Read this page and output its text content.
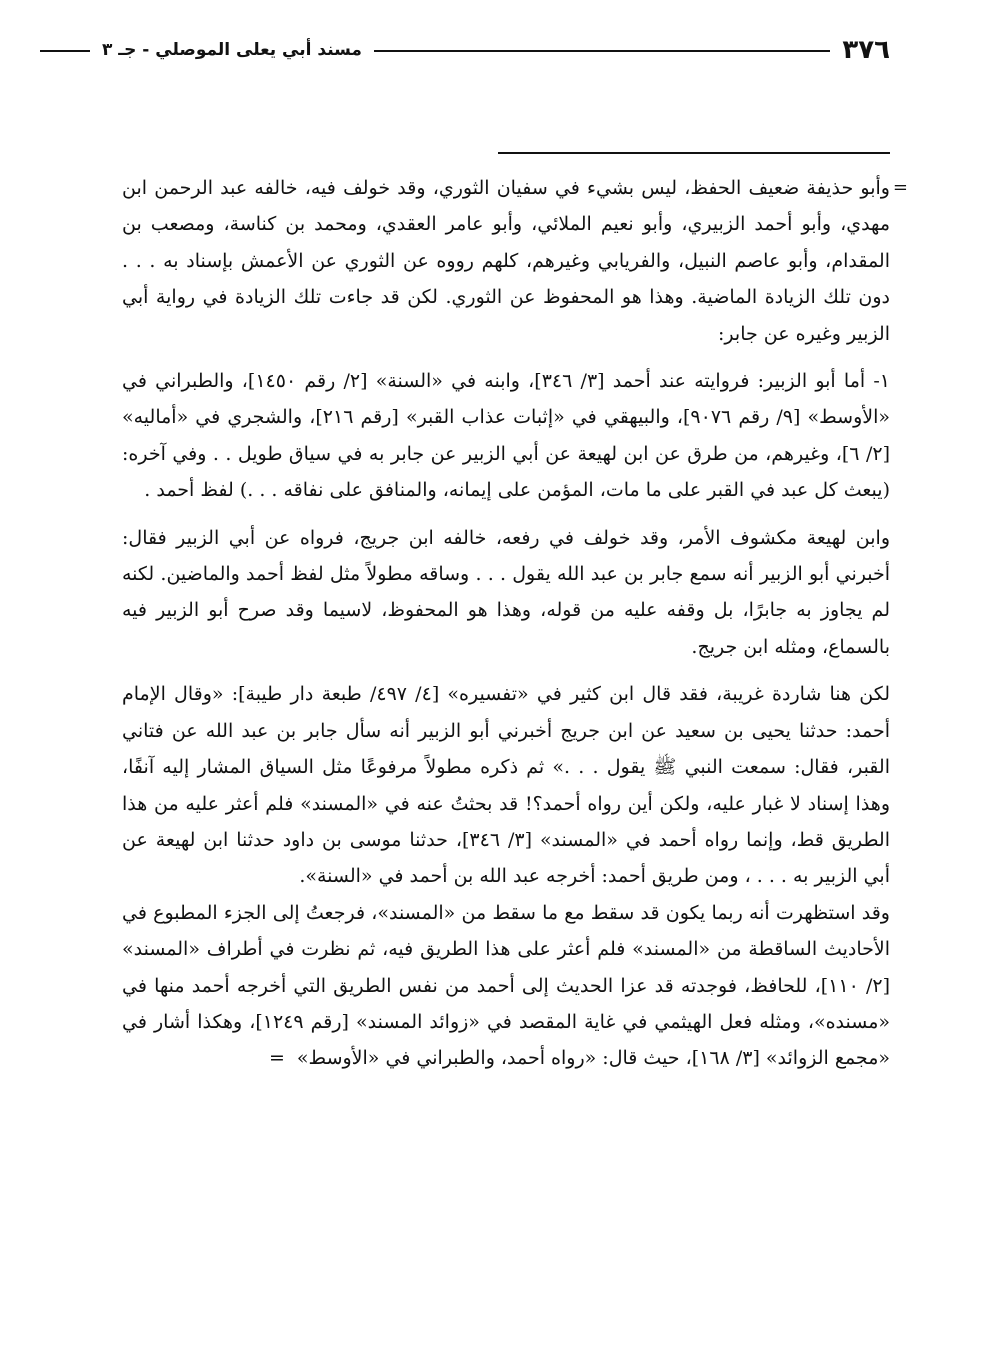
٣٧٦
مسند أبي يعلى الموصلي - جـ ٣
=

وأبو حذيفة ضعيف الحفظ، ليس بشيء في سفيان الثوري، وقد خولف فيه، خالفه عبد الرحمن ابن مهدي، وأبو أحمد الزبيري، وأبو نعيم الملائي، وأبو عامر العقدي، ومحمد بن كناسة، ومصعب بن المقدام، وأبو عاصم النبيل، والفريابي وغيرهم، كلهم رووه عن الثوري عن الأعمش بإسناد به . . . دون تلك الزيادة الماضية. وهذا هو المحفوظ عن الثوري. لكن قد جاءت تلك الزيادة في رواية أبي الزبير وغيره عن جابر:

١- أما أبو الزبير: فروايته عند أحمد [٣/ ٣٤٦]، وابنه في «السنة» [٢/ رقم ١٤٥٠]، والطبراني في «الأوسط» [٩/ رقم ٩٠٧٦]، والبيهقي في «إثبات عذاب القبر» [رقم ٢١٦]، والشجري في «أماليه» [٢/ ٦]، وغيرهم، من طرق عن ابن لهيعة عن أبي الزبير عن جابر به في سياق طويل . . وفي آخره: (يبعث كل عبد في القبر على ما مات، المؤمن على إيمانه، والمنافق على نفاقه . . .) لفظ أحمد .

وابن لهيعة مكشوف الأمر، وقد خولف في رفعه، خالفه ابن جريج، فرواه عن أبي الزبير فقال: أخبرني أبو الزبير أنه سمع جابر بن عبد الله يقول . . . وساقه مطولاً مثل لفظ أحمد والماضين. لكنه لم يجاوز به جابرًا، بل وقفه عليه من قوله، وهذا هو المحفوظ، لاسيما وقد صرح أبو الزبير فيه بالسماع، ومثله ابن جريج.

لكن هنا شاردة غريبة، فقد قال ابن كثير في «تفسيره» [٤/ ٤٩٧/ طبعة دار طيبة]: «وقال الإمام أحمد: حدثنا يحيى بن سعيد عن ابن جريج أخبرني أبو الزبير أنه سأل جابر بن عبد الله عن فتاني القبر، فقال: سمعت النبي ﷺ يقول . . .» ثم ذكره مطولاً مرفوعًا مثل السياق المشار إليه آنفًا، وهذا إسناد لا غبار عليه، ولكن أين رواه أحمد؟! قد بحثتُ عنه في «المسند» فلم أعثر عليه من هذا الطريق قط، وإنما رواه أحمد في «المسند» [٣/ ٣٤٦]، حدثنا موسى بن داود حدثنا ابن لهيعة عن أبي الزبير به . . . ، ومن طريق أحمد: أخرجه عبد الله بن أحمد في «السنة».

وقد استظهرت أنه ربما يكون قد سقط مع ما سقط من «المسند»، فرجعتُ إلى الجزء المطبوع في الأحاديث الساقطة من «المسند» فلم أعثر على هذا الطريق فيه، ثم نظرت في أطراف «المسند» [٢/ ١١٠]، للحافظ، فوجدته قد عزا الحديث إلى أحمد من نفس الطريق التي أخرجه أحمد منها في «مسنده»، ومثله فعل الهيثمي في غاية المقصد في «زوائد المسند» [رقم ١٢٤٩]، وهكذا أشار في «مجمع الزوائد» [٣/ ١٦٨]، حيث قال: «رواه أحمد، والطبراني في «الأوسط»=
